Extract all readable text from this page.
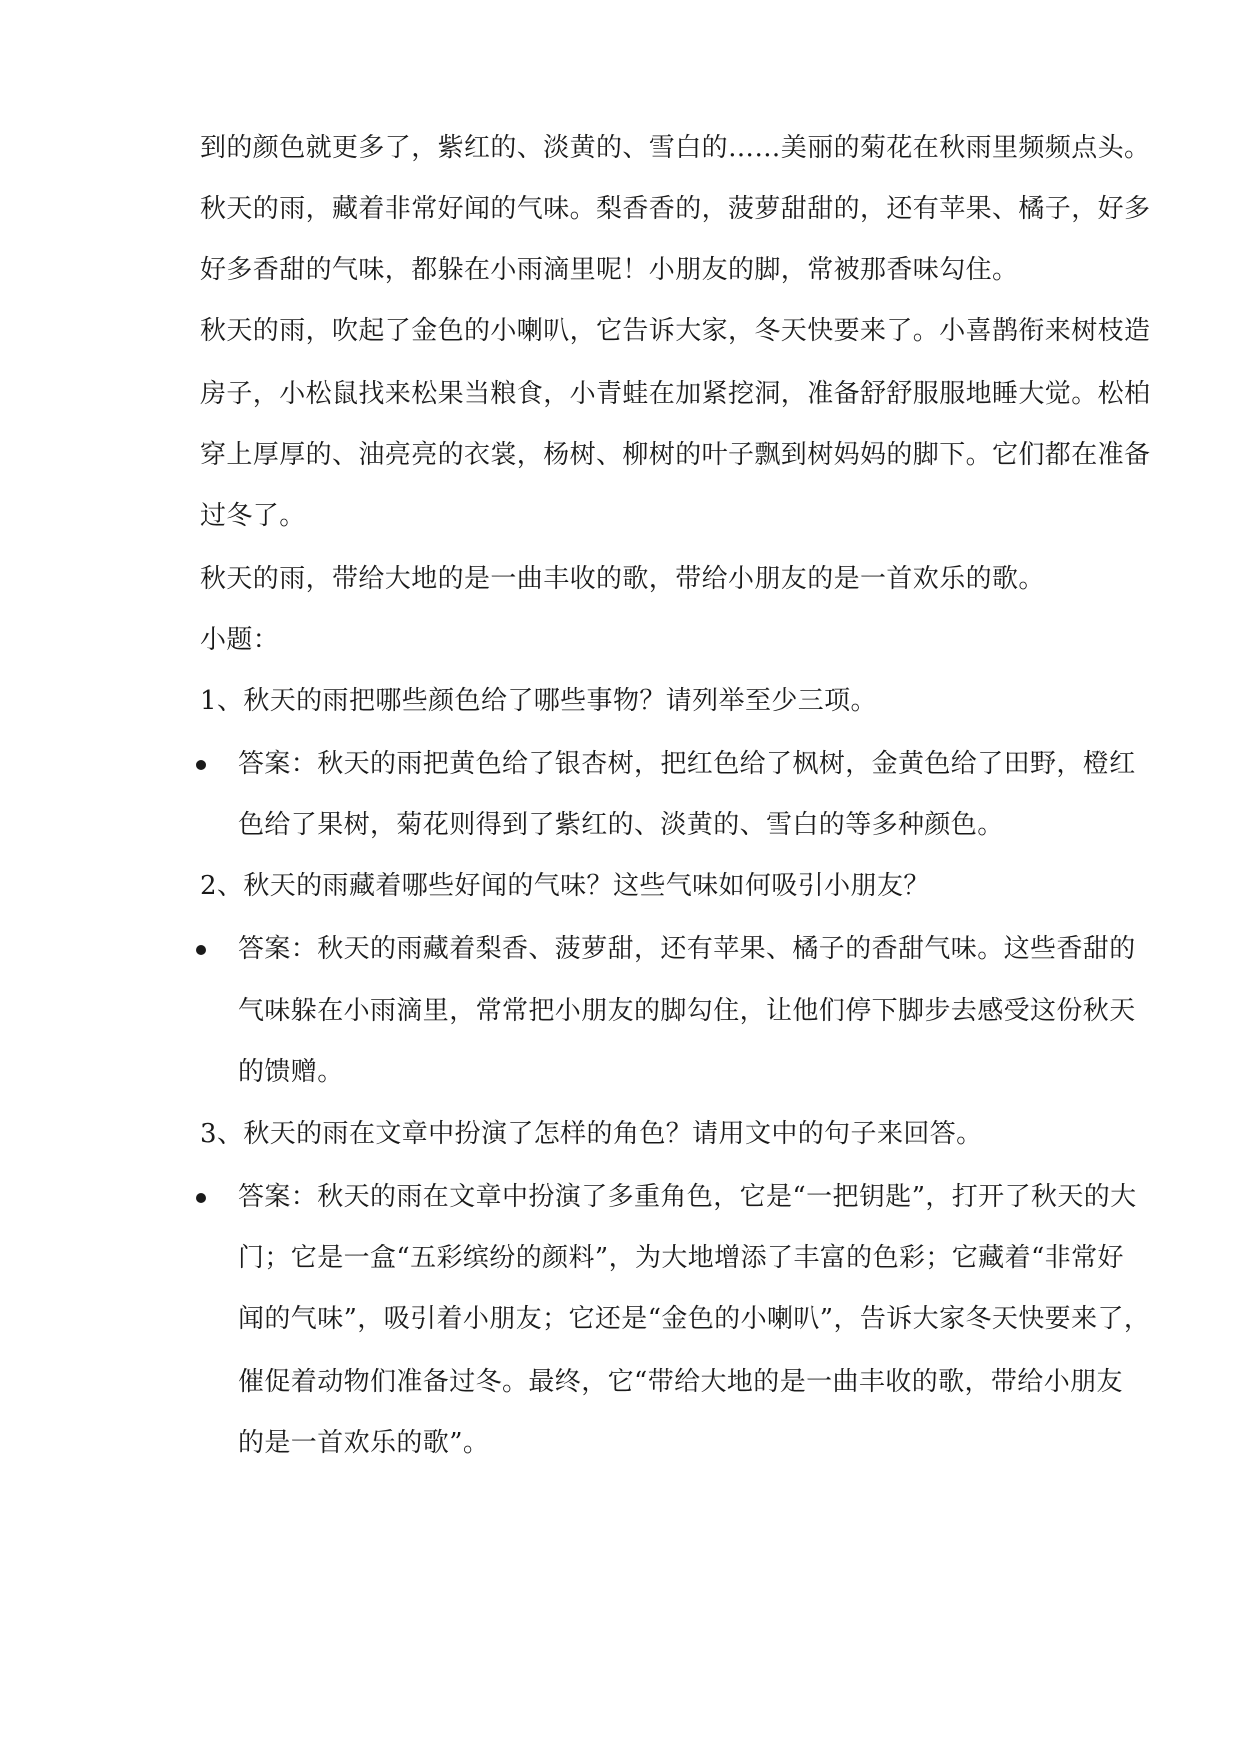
到的颜色就更多了，紫红的、淡黄的、雪白的……美丽的菊花在秋雨里频频点头。
秋天的雨，藏着非常好闻的气味。梨香香的，菠萝甜甜的，还有苹果、橘子，好多
好多香甜的气味，都躲在小雨滴里呢！小朋友的脚，常被那香味勾住。
秋天的雨，吹起了金色的小喇叭，它告诉大家，冬天快要来了。小喜鹊衔来树枝造
房子，小松鼠找来松果当粮食，小青蛙在加紧挖洞，准备舒舒服服地睡大觉。松柏
穿上厚厚的、油亮亮的衣裳，杨树、柳树的叶子飘到树妈妈的脚下。它们都在准备
过冬了。
秋天的雨，带给大地的是一曲丰收的歌，带给小朋友的是一首欢乐的歌。
小题：
1、秋天的雨把哪些颜色给了哪些事物？请列举至少三项。
答案：秋天的雨把黄色给了银杏树，把红色给了枫树，金黄色给了田野，橙红
色给了果树，菊花则得到了紫红的、淡黄的、雪白的等多种颜色。
2、秋天的雨藏着哪些好闻的气味？这些气味如何吸引小朋友？
答案：秋天的雨藏着梨香、菠萝甜，还有苹果、橘子的香甜气味。这些香甜的
气味躲在小雨滴里，常常把小朋友的脚勾住，让他们停下脚步去感受这份秋天
的馈赠。
3、秋天的雨在文章中扮演了怎样的角色？请用文中的句子来回答。
答案：秋天的雨在文章中扮演了多重角色，它是“一把钥匙”，打开了秋天的大
门；它是一盒“五彩缤纷的颜料”，为大地增添了丰富的色彩；它藏着“非常好
闻的气味”，吸引着小朋友；它还是“金色的小喇叭”，告诉大家冬天快要来了，
催促着动物们准备过冬。最终，它“带给大地的是一曲丰收的歌，带给小朋友
的是一首欢乐的歌”。
